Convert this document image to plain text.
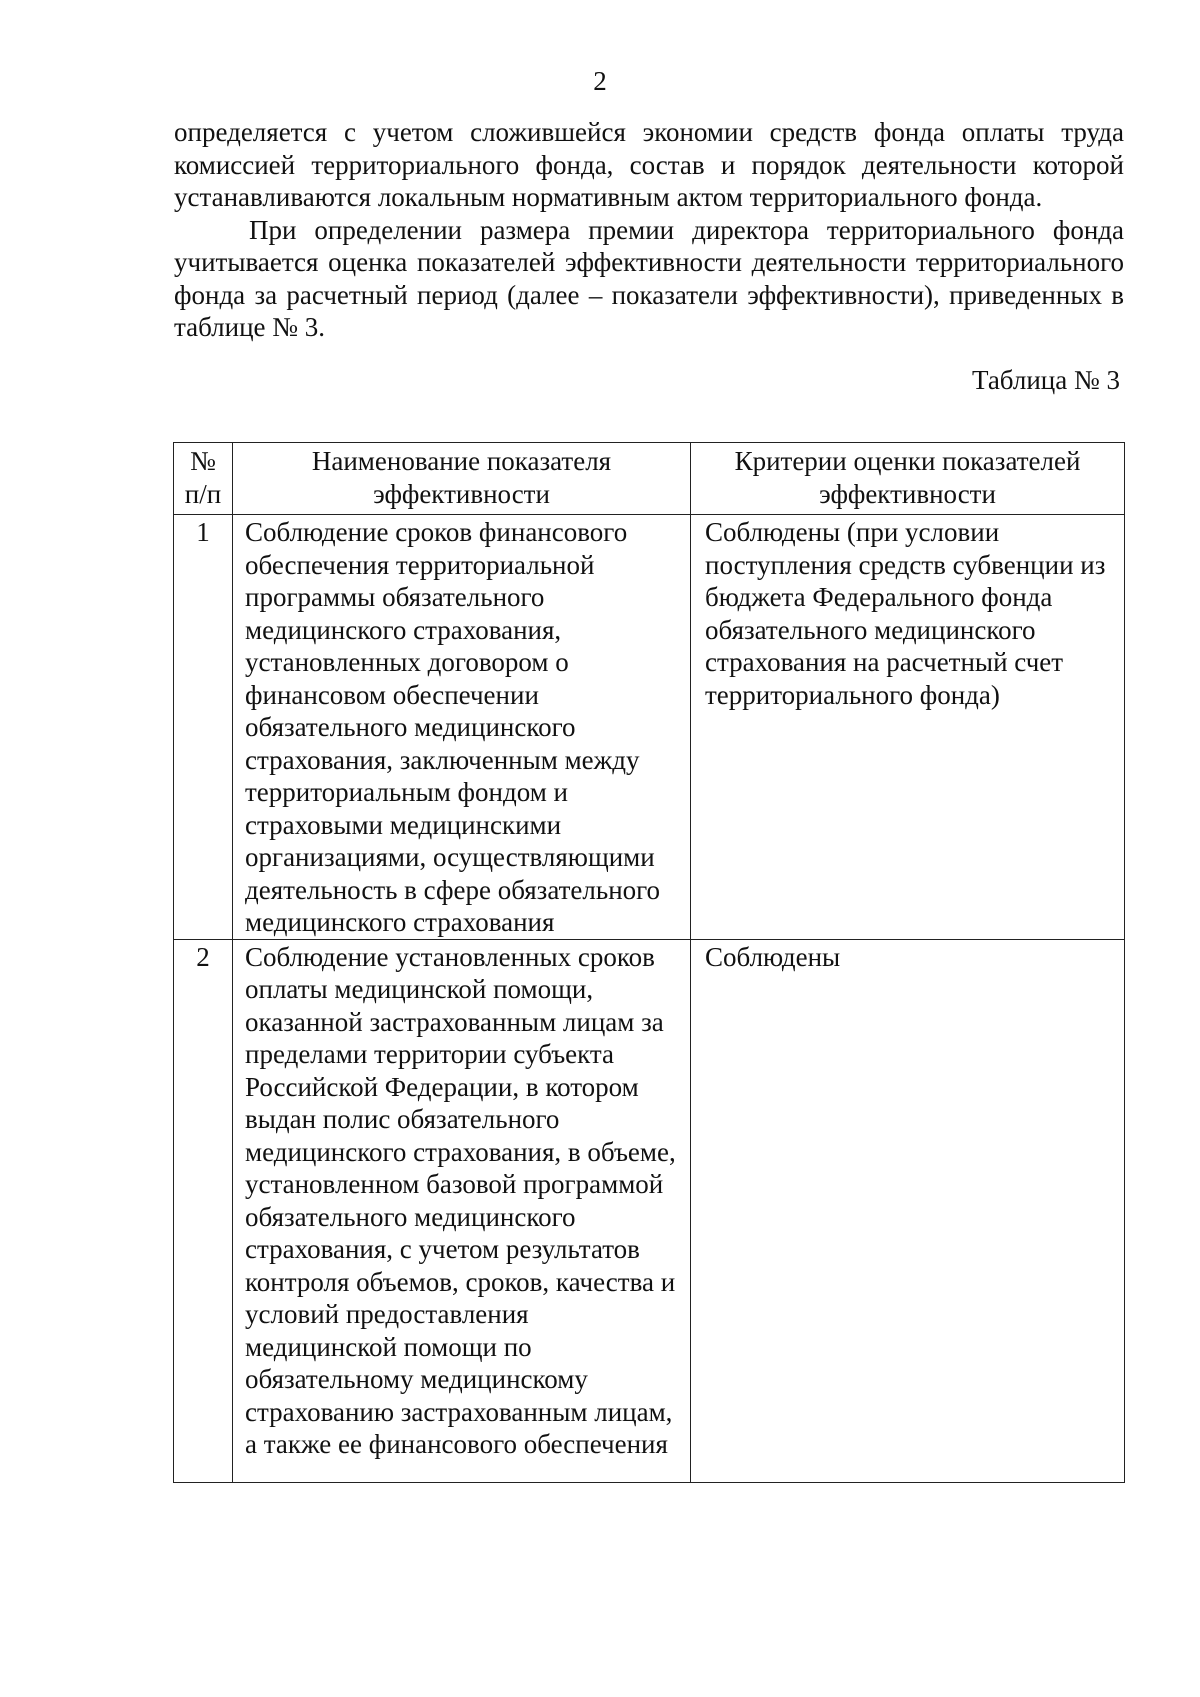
2

определяется с учетом сложившейся экономии средств фонда оплаты труда комиссией территориального фонда, состав и порядок деятельности которой устанавливаются локальным нормативным актом территориального фонда.

При определении размера премии директора территориального фонда учитывается оценка показателей эффективности деятельности территориального фонда за расчетный период (далее – показатели эффективности), приведенных в таблице № 3.

Таблица № 3
№ п/п	Наименование показателя эффективности	Критерии оценки показателей эффективности
1	Соблюдение сроков финансового обеспечения территориальной программы обязательного медицинского страхования, установленных договором о финансовом обеспечении обязательного медицинского страхования, заключенным между территориальным фондом и страховыми медицинскими организациями, осуществляющими деятельность в сфере обязательного медицинского страхования	Соблюдены (при условии поступления средств субвенции из бюджета Федерального фонда обязательного медицинского страхования на расчетный счет территориального фонда)
2	Соблюдение установленных сроков оплаты медицинской помощи, оказанной застрахованным лицам за пределами территории субъекта Российской Федерации, в котором выдан полис обязательного медицинского страхования, в объеме, установленном базовой программой обязательного медицинского страхования, с учетом результатов контроля объемов, сроков, качества и условий предоставления медицинской помощи по обязательному медицинскому страхованию застрахованным лицам, а также ее финансового обеспечения	Соблюдены
